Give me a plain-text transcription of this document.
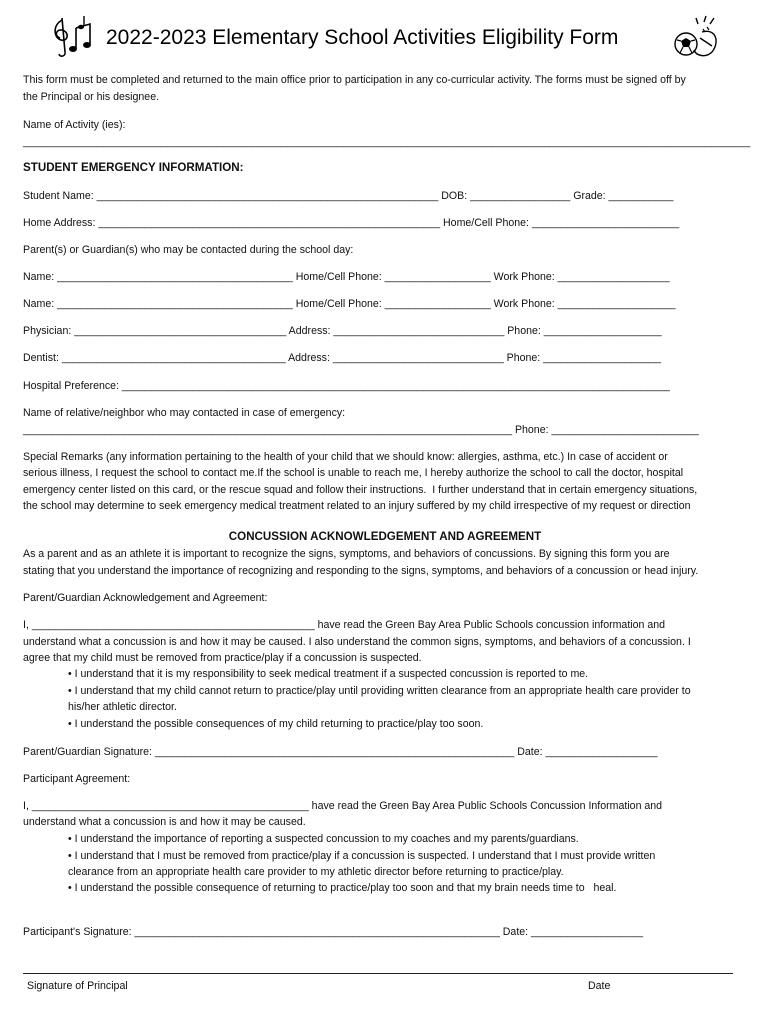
2022-2023 Elementary School Activities Eligibility Form
This form must be completed and returned to the main office prior to participation in any co-curricular activity. The forms must be signed off by
the Principal or his designee.
Name of Activity (ies):
_______________________________________________________________________________________________________________________________
STUDENT EMERGENCY INFORMATION:
Student Name: __________________________________________________________ DOB: _________________ Grade: ___________
Home Address: __________________________________________________________ Home/Cell Phone: _________________________
Parent(s) or Guardian(s) who may be contacted during the school day:
Name: ________________________________________ Home/Cell Phone: __________________ Work Phone: ___________________
Name: ________________________________________ Home/Cell Phone: __________________ Work Phone: ____________________
Physician: ____________________________________ Address: _____________________________ Phone: ____________________
Dentist: ______________________________________ Address: _____________________________ Phone: ____________________
Hospital Preference: _____________________________________________________________________________________________
Name of relative/neighbor who may contacted in case of emergency:
___________________________________________________________________________________ Phone: _________________________
Special Remarks (any information pertaining to the health of your child that we should know: allergies, asthma, etc.) In case of accident or
serious illness, I request the school to contact me.If the school is unable to reach me, I hereby authorize the school to call the doctor, hospital
emergency center listed on this card, or the rescue squad and follow their instructions.  I further understand that in certain emergency situations,
the school may determine to seek emergency medical treatment related to an injury suffered by my child irrespective of my request or direction
CONCUSSION ACKNOWLEDGEMENT AND AGREEMENT
As a parent and as an athlete it is important to recognize the signs, symptoms, and behaviors of concussions. By signing this form you are
stating that you understand the importance of recognizing and responding to the signs, symptoms, and behaviors of a concussion or head injury.
Parent/Guardian Acknowledgement and Agreement:
I, ________________________________________________ have read the Green Bay Area Public Schools concussion information and
understand what a concussion is and how it may be caused. I also understand the common signs, symptoms, and behaviors of a concussion. I
agree that my child must be removed from practice/play if a concussion is suspected.
• I understand that it is my responsibility to seek medical treatment if a suspected concussion is reported to me.
• I understand that my child cannot return to practice/play until providing written clearance from an appropriate health care provider to
his/her athletic director.
• I understand the possible consequences of my child returning to practice/play too soon.
Parent/Guardian Signature: _____________________________________________________________ Date: ___________________
Participant Agreement:
I, _______________________________________________ have read the Green Bay Area Public Schools Concussion Information and
understand what a concussion is and how it may be caused.
• I understand the importance of reporting a suspected concussion to my coaches and my parents/guardians.
• I understand that I must be removed from practice/play if a concussion is suspected. I understand that I must provide written
clearance from an appropriate health care provider to my athletic director before returning to practice/play.
• I understand the possible consequence of returning to practice/play too soon and that my brain needs time to   heal.
Participant's Signature: ______________________________________________________________ Date: ___________________
Signature of Principal	Date
